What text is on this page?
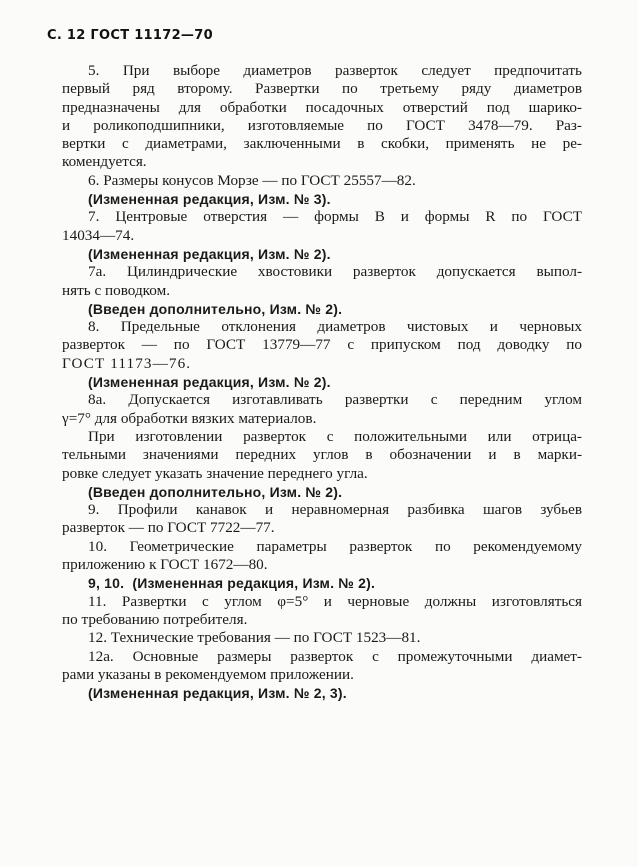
С. 12 ГОСТ 11172—70
5. При выборе диаметров разверток следует предпочитать
первый ряд второму. Развертки по третьему ряду диаметров
предназначены для обработки посадочных отверстий под шарико-
и роликоподшипники, изготовляемые по ГОСТ 3478—79. Раз-
вертки с диаметрами, заключенными в скобки, применять не ре-
комендуется.
6. Размеры конусов Морзе — по ГОСТ 25557—82.
(Измененная редакция, Изм. № 3).
7. Центровые отверстия — формы В и формы R по ГОСТ
14034—74.
(Измененная редакция, Изм. № 2).
7а. Цилиндрические хвостовики разверток допускается выпол-
нять с поводком.
(Введен дополнительно, Изм. № 2).
8. Предельные отклонения диаметров чистовых и черновых
разверток — по ГОСТ 13779—77 с припуском под доводку по
ГОСТ 11173—76.
(Измененная редакция, Изм. № 2).
8а. Допускается изготавливать развертки с передним углом
γ=7° для обработки вязких материалов.
При изготовлении разверток с положительными или отрица-
тельными значениями передних углов в обозначении и в марки-
ровке следует указать значение переднего угла.
(Введен дополнительно, Изм. № 2).
9. Профили канавок и неравномерная разбивка шагов зубьев
разверток — по ГОСТ 7722—77.
10. Геометрические параметры разверток по рекомендуемому
приложению к ГОСТ 1672—80.
9, 10.  (Измененная редакция, Изм. № 2).
11. Развертки с углом φ=5° и черновые должны изготовляться
по требованию потребителя.
12. Технические требования — по ГОСТ 1523—81.
12а. Основные размеры разверток с промежуточными диамет-
рами указаны в рекомендуемом приложении.
(Измененная редакция, Изм. № 2, 3).
